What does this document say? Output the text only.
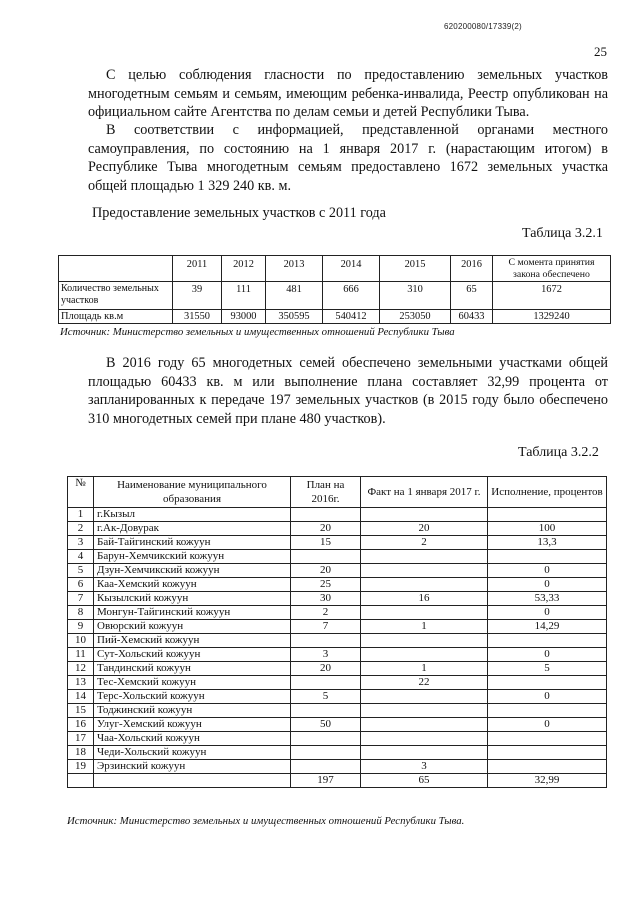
620200080/17339(2)
25

С целью соблюдения гласности по предоставлению земельных участков многодетным семьям и семьям, имеющим ребенка-инвалида, Реестр опубликован на официальном сайте Агентства по делам семьи и детей Республики Тыва.

В соответствии с информацией, представленной органами местного самоуправления, по состоянию на 1 января 2017 г. (нарастающим итогом) в Республике Тыва многодетным семьям предоставлено 1672 земельных участка общей площадью 1 329 240 кв. м.

Предоставление земельных участков с 2011 года
Таблица 3.2.1
	2011	2012	2013	2014	2015	2016	С момента принятия закона обеспечено
Количество земельных участков	39	111	481	666	310	65	1672
Площадь кв.м	31550	93000	350595	540412	253050	60433	1329240
Источник: Министерство земельных и имущественных отношений Республики Тыва

В 2016 году 65 многодетных семей обеспечено земельными участками общей площадью 60433 кв. м или выполнение плана составляет 32,99 процента от запланированных к передаче 197 земельных участков (в 2015 году было обеспечено 310 многодетных семей при плане 480 участков).

Таблица 3.2.2
№	Наименование муниципального образования	План на 2016г.	Факт на 1 января 2017 г.	Исполнение, процентов
1	г.Кызыл			
2	г.Ак-Довурак	20	20	100
3	Бай-Тайгинский кожуун	15	2	13,3
4	Барун-Хемчикский кожуун			
5	Дзун-Хемчикский кожуун	20		0
6	Каа-Хемский кожуун	25		0
7	Кызылский кожуун	30	16	53,33
8	Монгун-Тайгинский кожуун	2		0
9	Овюрский кожуун	7	1	14,29
10	Пий-Хемский кожуун			
11	Сут-Хольский кожуун	3		0
12	Тандинский кожуун	20	1	5
13	Тес-Хемский кожуун		22	
14	Терс-Хольский кожуун	5		0
15	Тоджинский кожуун			
16	Улуг-Хемский кожуун	50		0
17	Чаа-Хольский кожуун			
18	Чеди-Хольский кожуун			
19	Эрзинский кожуун		3	
		197	65	32,99
Источник: Министерство земельных и имущественных отношений Республики Тыва.
